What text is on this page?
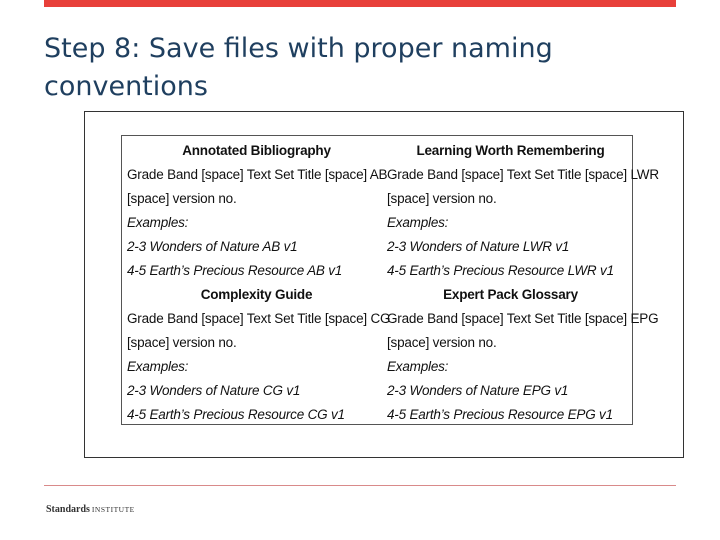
Step 8: Save files with proper naming
conventions
Annotated Bibliography
Grade Band [space] Text Set Title [space] AB
[space] version no.
Examples:
2-3 Wonders of Nature AB v1
4-5 Earth’s Precious Resource AB v1
Complexity Guide
Grade Band [space] Text Set Title [space] CG
[space] version no.
Examples:
2-3 Wonders of Nature CG v1
4-5 Earth’s Precious Resource CG v1
Learning Worth Remembering
Grade Band [space] Text Set Title [space] LWR
[space] version no.
Examples:
2-3 Wonders of Nature LWR v1
4-5 Earth’s Precious Resource LWR v1
Expert Pack Glossary
Grade Band [space] Text Set Title [space] EPG
[space] version no.
Examples:
2-3 Wonders of Nature EPG v1
4-5 Earth’s Precious Resource EPG v1
Standards INSTITUTE
